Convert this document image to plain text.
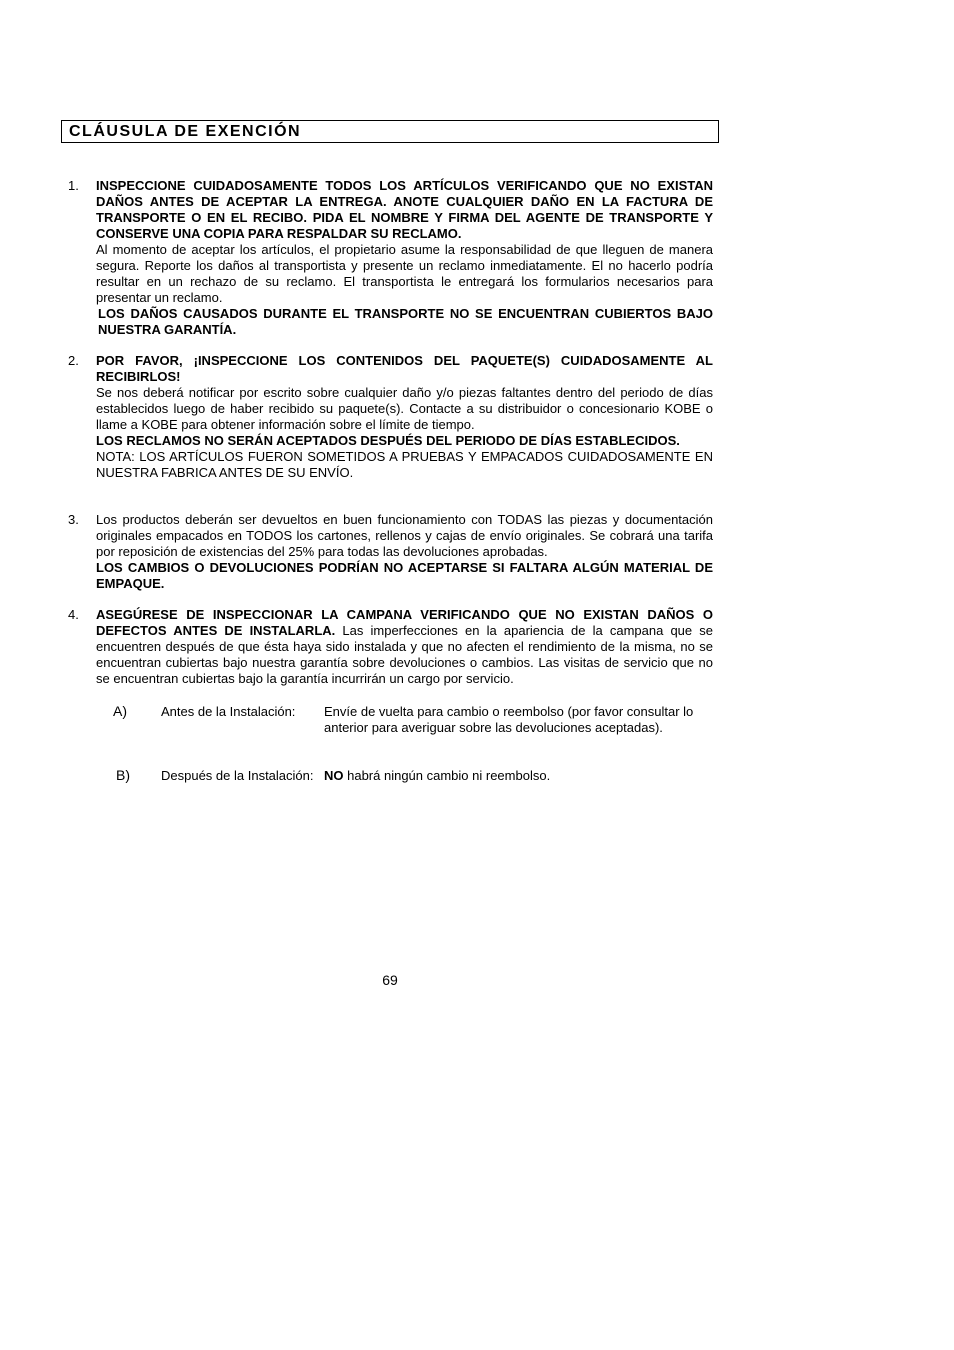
CLÁUSULA DE EXENCIÓN
1.	INSPECCIONE CUIDADOSAMENTE TODOS LOS ARTÍCULOS VERIFICANDO QUE NO EXISTAN DAÑOS ANTES DE ACEPTAR LA ENTREGA. ANOTE CUALQUIER DAÑO EN LA FACTURA DE TRANSPORTE O EN EL RECIBO. PIDA EL NOMBRE Y FIRMA DEL AGENTE DE TRANSPORTE Y CONSERVE UNA COPIA PARA RESPALDAR SU RECLAMO.

Al momento de aceptar los artículos, el propietario asume la responsabilidad de que lleguen de manera segura. Reporte los daños al transportista y presente un reclamo inmediatamente. El no hacerlo podría resultar en un rechazo de su reclamo. El transportista le entregará los formularios necesarios para presentar un reclamo.

LOS DAÑOS CAUSADOS DURANTE EL TRANSPORTE NO SE ENCUENTRAN CUBIERTOS BAJO NUESTRA GARANTÍA.

2.	POR FAVOR, ¡INSPECCIONE LOS CONTENIDOS DEL PAQUETE(S) CUIDADOSAMENTE AL RECIBIRLOS!

Se nos deberá notificar por escrito sobre cualquier daño y/o piezas faltantes dentro del periodo de días establecidos luego de haber recibido su paquete(s). Contacte a su distribuidor o concesionario KOBE o llame a KOBE para obtener información sobre el límite de tiempo.

LOS RECLAMOS NO SERÁN ACEPTADOS DESPUÉS DEL PERIODO DE DÍAS ESTABLECIDOS.

NOTA: LOS ARTÍCULOS FUERON SOMETIDOS A PRUEBAS Y EMPACADOS CUIDADOSAMENTE EN NUESTRA FABRICA ANTES DE SU ENVÍO.

3.	Los productos deberán ser devueltos en buen funcionamiento con TODAS las piezas y documentación originales empacados en TODOS los cartones, rellenos y cajas de envío originales. Se cobrará una tarifa por reposición de existencias del 25% para todas las devoluciones aprobadas.

LOS CAMBIOS O DEVOLUCIONES PODRÍAN NO ACEPTARSE SI FALTARA ALGÚN MATERIAL DE EMPAQUE.

4.	ASEGÚRESE DE INSPECCIONAR LA CAMPANA VERIFICANDO QUE NO EXISTAN DAÑOS O DEFECTOS ANTES DE INSTALARLA. Las imperfecciones en la apariencia de la campana que se encuentren después de que ésta haya sido instalada y que no afecten el rendimiento de la misma, no se encuentran cubiertas bajo nuestra garantía sobre devoluciones o cambios. Las visitas de servicio que no se encuentran cubiertas bajo la garantía incurrirán un cargo por servicio.

A)	Antes de la Instalación: Envíe de vuelta para cambio o reembolso (por favor consultar lo anterior para averiguar sobre las devoluciones aceptadas).
B) Después de la Instalación: NO habrá ningún cambio ni reembolso.
69
